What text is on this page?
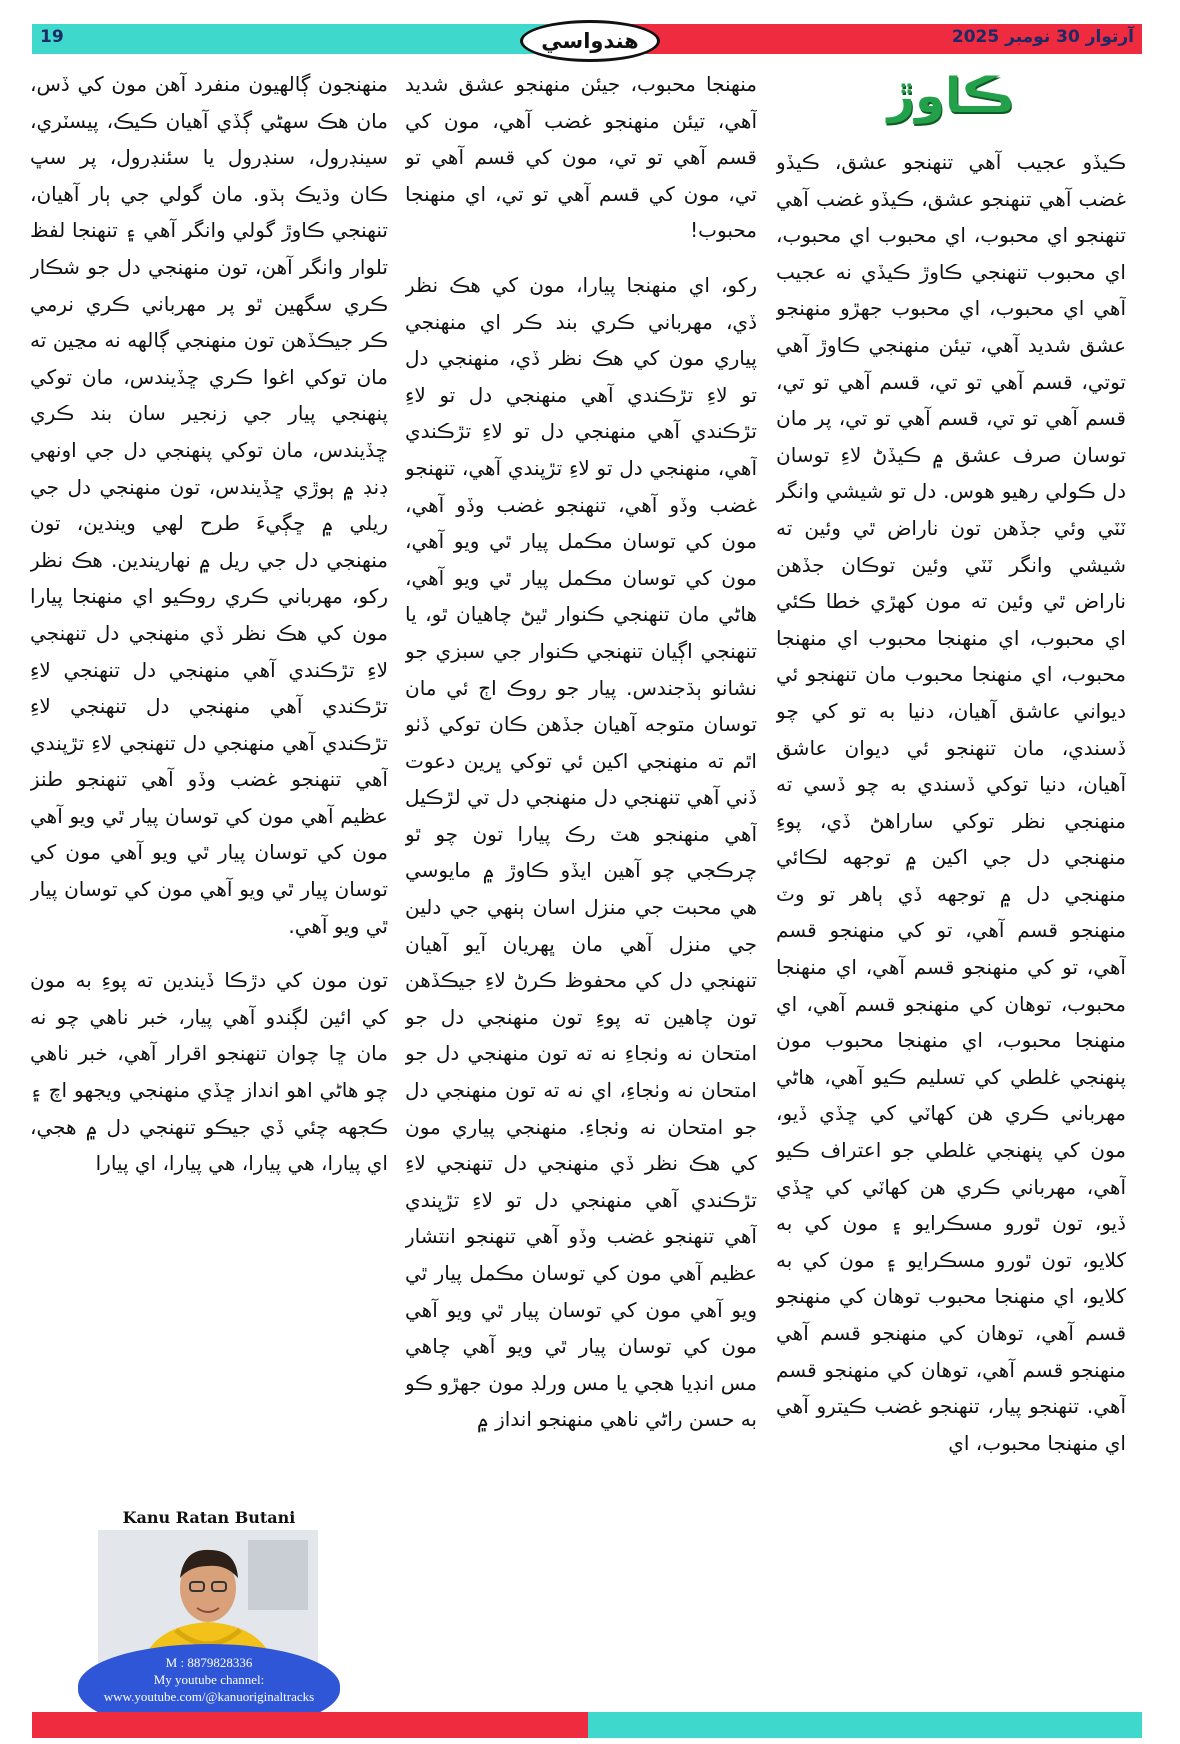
19	آرتوار 30 نومبر 2025
هندواسي
ڪاوڙ

ڪيڏو عجيب آهي تنهنجو عشق، ڪيڏو غضب آهي تنهنجو عشق، ڪيڏو غضب آهي تنهنجو اي محبوب، اي محبوب اي محبوب، اي محبوب تنهنجي ڪاوڙ ڪيڏي نه عجيب آهي اي محبوب، اي محبوب جهڙو منهنجو عشق شديد آهي، تيئن منهنجي ڪاوڙ آهي توتي، قسم آهي تو تي، قسم آهي تو تي، قسم آهي تو تي، قسم آهي تو تي، پر مان توسان صرف عشق ۾ ڪيڏڻ لاءِ توسان دل ڪولي رهيو هوس. دل تو شيشي وانگر ٽٽي وئي جڏهن تون ناراض ٿي وئين ته شيشي وانگر ٽٽي وئين توڪان جڏهن ناراض ٿي وئين ته مون کهڙي خطا ڪئي اي محبوب، اي منهنجا محبوب اي منهنجا محبوب، اي منهنجا محبوب مان تنهنجو ئي ديواني عاشق آهيان، دنيا به تو کي چو ڏسندي، مان تنهنجو ئي ديوان عاشق آهيان، دنيا توکي ڏسندي به چو ڏسي ته منهنجي نظر توکي ساراهڻ ڏي، پوءِ منهنجي دل جي اکين ۾ توجهه لڪائي منهنجي دل ۾ توجهه ڏي ٻاهر تو وٽ منهنجو قسم آهي، تو کي منهنجو قسم آهي، تو کي منهنجو قسم آهي، اي منهنجا محبوب، توهان کي منهنجو قسم آهي، اي منهنجا محبوب، اي منهنجا محبوب مون پنهنجي غلطي کي تسليم ڪيو آهي، هاڻي مهرباني ڪري هن کهاٽي کي ڇڏي ڏيو، مون کي پنهنجي غلطي جو اعتراف ڪيو آهي، مهرباني ڪري هن کهاٽي کي ڇڏي ڏيو، تون ٿورو مسڪرايو ۽ مون کي به کلايو، تون ٿورو مسڪرايو ۽ مون کي به کلايو، اي منهنجا محبوب توهان کي منهنجو قسم آهي، توهان کي منهنجو قسم آهي منهنجو قسم آهي، توهان کي منهنجو قسم آهي. تنهنجو پيار، تنهنجو غضب ڪيترو آهي اي منهنجا محبوب، اي

منهنجا محبوب، جيئن منهنجو عشق شديد آهي، تيئن منهنجو غضب آهي، مون کي قسم آهي تو تي، مون کي قسم آهي تو تي، مون کي قسم آهي تو تي، اي منهنجا محبوب!

رکو، اي منهنجا پيارا، مون کي هڪ نظر ڏي، مهرباني ڪري بند ڪر اي منهنجي پياري مون کي هڪ نظر ڏي، منهنجي دل تو لاءِ تڙڪندي آهي منهنجي دل تو لاءِ تڙڪندي آهي منهنجي دل تو لاءِ تڙڪندي آهي، منهنجي دل تو لاءِ تڙپندي آهي، تنهنجو غضب وڏو آهي، تنهنجو غضب وڏو آهي، مون کي توسان مڪمل پيار ٿي ويو آهي، مون کي توسان مڪمل پيار ٿي ويو آهي، هاڻي مان تنهنجي ڪنوار ٿيڻ چاهيان ٿو، يا تنهنجي اڳيان تنهنجي ڪنوار جي سبزي جو نشانو ٻڌجندس. پيار جو روڪ اڄ ئي مان توسان متوجه آهيان جڏهن ڪان توکي ڏٺو اٿم ته منهنجي اکين ئي توکي ڀرين دعوت ڏني آهي تنهنجي دل منهنجي دل تي لڙڪيل آهي منهنجو هٽ رڪ پيارا تون چو ٿو چرڪجي چو آهين ايڏو ڪاوڙ ۾ مايوسي هي محبت جي منزل اسان ٻنهي جي دلين جي منزل آهي مان ڀهريان آيو آهيان تنهنجي دل کي محفوظ ڪرڻ لاءِ جيڪڏهن تون چاهين ته پوءِ تون منهنجي دل جو امتحان نه وٺجاءِ نه ته تون منهنجي دل جو امتحان نه وٺجاءِ، اي نه ته تون منهنجي دل جو امتحان نه وٺجاءِ. منهنجي پياري مون کي هڪ نظر ڏي منهنجي دل تنهنجي لاءِ تڙڪندي آهي منهنجي دل تو لاءِ تڙپندي آهي تنهنجو غضب وڏو آهي تنهنجو انتشار عظيم آهي مون کي توسان مڪمل پيار ٿي ويو آهي مون کي توسان پيار ٿي ويو آهي مون کي توسان پيار ٿي ويو آهي چاهي مس انڊيا هجي يا مس ورلڊ مون جهڙو ڪو به حسن راڻي ناهي منهنجو انداز ۾

منهنجون ڳالهيون منفرد آهن مون کي ڏس، مان هڪ سهڻي ڳڏي آهيان ڪيڪ، پيسٽري، سينڊرول، سنڊرول يا سئنڊرول، پر سڀ ڪان وڌيڪ ٻڌو. مان گولي جي ٻار آهيان، تنهنجي ڪاوڙ گولي وانگر آهي ۽ تنهنجا لفظ تلوار وانگر آهن، تون منهنجي دل جو شڪار ڪري سگهين ٿو پر مهرباني ڪري نرمي ڪر جيڪڏهن تون منهنجي ڳالهه نه مڃين ته مان توکي اغوا ڪري ڇڏيندس، مان توکي پنهنجي پيار جي زنجير سان بند ڪري ڇڏيندس، مان توکي پنهنجي دل جي اونهي ڊنڊ ۾ ٻوڙي ڇڏيندس، تون منهنجي دل جي ريلي ۾ ڇڳيءَ طرح لهي ويندين، تون منهنجي دل جي ريل ۾ نهاريندين. هڪ نظر رکو، مهرباني ڪري روڪيو اي منهنجا پيارا مون کي هڪ نظر ڏي منهنجي دل تنهنجي لاءِ تڙڪندي آهي منهنجي دل تنهنجي لاءِ تڙڪندي آهي منهنجي دل تنهنجي لاءِ تڙڪندي آهي منهنجي دل تنهنجي لاءِ تڙپندي آهي تنهنجو غضب وڏو آهي تنهنجو طنز عظيم آهي مون کي توسان پيار ٿي ويو آهي مون کي توسان پيار ٿي ويو آهي مون کي توسان پيار ٿي ويو آهي مون کي توسان پيار ٿي ويو آهي.

تون مون کي دڙڪا ڏيندين ته پوءِ به مون کي ائين لڳندو آهي پيار، خبر ناهي چو نه مان ڇا چوان تنهنجو اقرار آهي، خبر ناهي چو هاڻي اهو انداز ڇڏي منهنجي ويجهو اچ ۽ ڪجهه چئي ڏي جيڪو تنهنجي دل ۾ هجي، اي پيارا، هي پيارا، هي پيارا، اي پيارا

Kanu Ratan Butani
M : 8879828336
My youtube channel:
www.youtube.com/@kanuoriginaltracks
